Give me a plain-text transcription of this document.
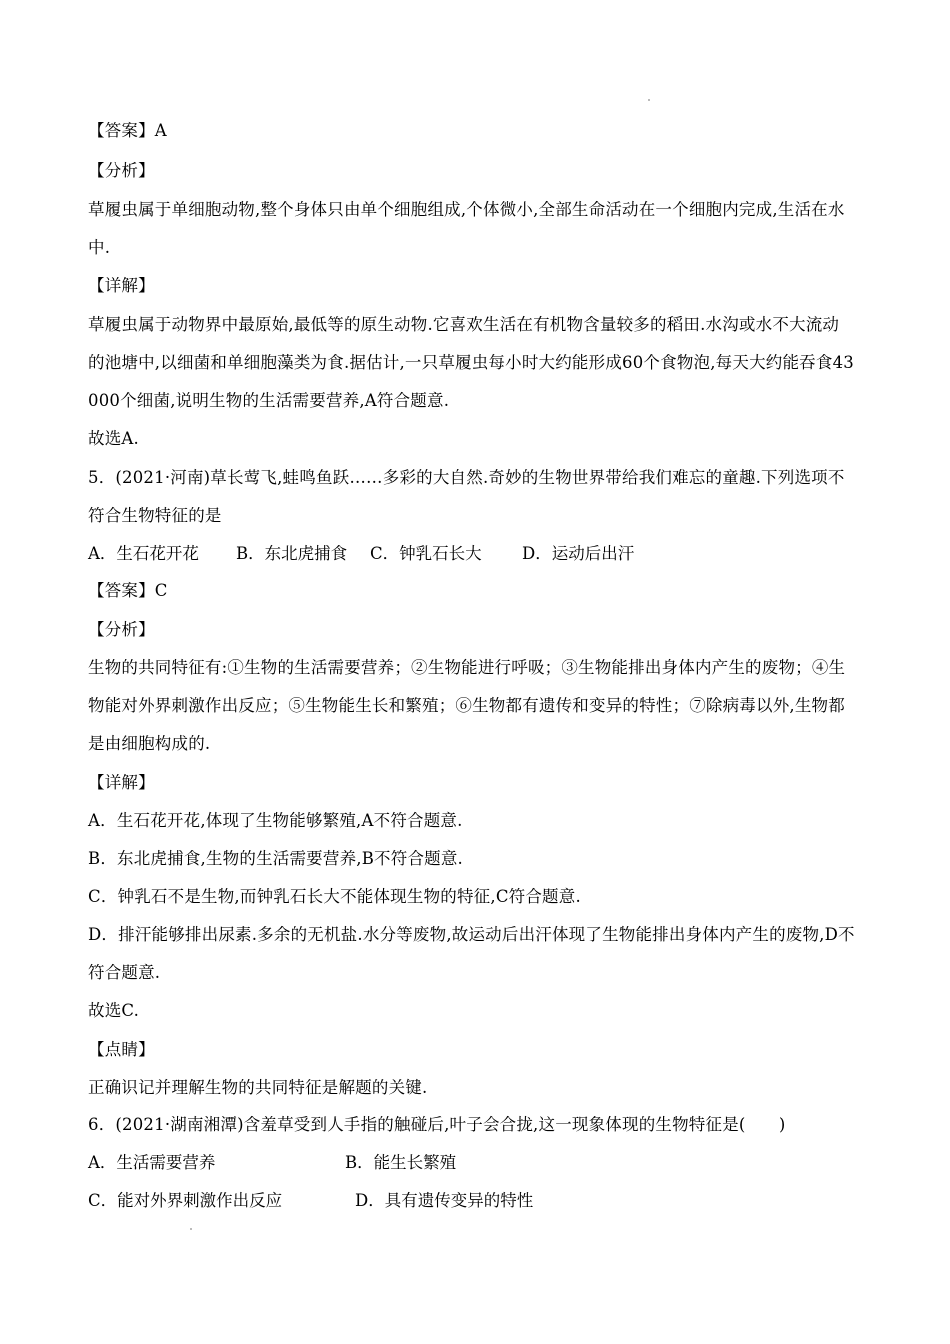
【答案】A
【分析】
草履虫属于单细胞动物,整个身体只由单个细胞组成,个体微小,全部生命活动在一个细胞内完成,生活在水
中.
【详解】
草履虫属于动物界中最原始,最低等的原生动物.它喜欢生活在有机物含量较多的稻田.水沟或水不大流动
的池塘中,以细菌和单细胞藻类为食.据估计,一只草履虫每小时大约能形成60个食物泡,每天大约能吞食43
000个细菌,说明生物的生活需要营养,A符合题意.
故选A.
5．(2021·河南)草长莺飞,蛙鸣鱼跃……多彩的大自然.奇妙的生物世界带给我们难忘的童趣.下列选项不
符合生物特征的是
A．生石花开花 B．东北虎捕食 C．钟乳石长大 D．运动后出汗
【答案】C
【分析】
生物的共同特征有:①生物的生活需要营养；②生物能进行呼吸；③生物能排出身体内产生的废物；④生
物能对外界刺激作出反应；⑤生物能生长和繁殖；⑥生物都有遗传和变异的特性；⑦除病毒以外,生物都
是由细胞构成的.
【详解】
A．生石花开花,体现了生物能够繁殖,A不符合题意.
B．东北虎捕食,生物的生活需要营养,B不符合题意.
C．钟乳石不是生物,而钟乳石长大不能体现生物的特征,C符合题意.
D．排汗能够排出尿素.多余的无机盐.水分等废物,故运动后出汗体现了生物能排出身体内产生的废物,D不
符合题意.
故选C.
【点睛】
正确识记并理解生物的共同特征是解题的关键.
6．(2021·湖南湘潭)含羞草受到人手指的触碰后,叶子会合拢,这一现象体现的生物特征是(　　)
A．生活需要营养	B．能生长繁殖
C．能对外界刺激作出反应	D．具有遗传变异的特性
